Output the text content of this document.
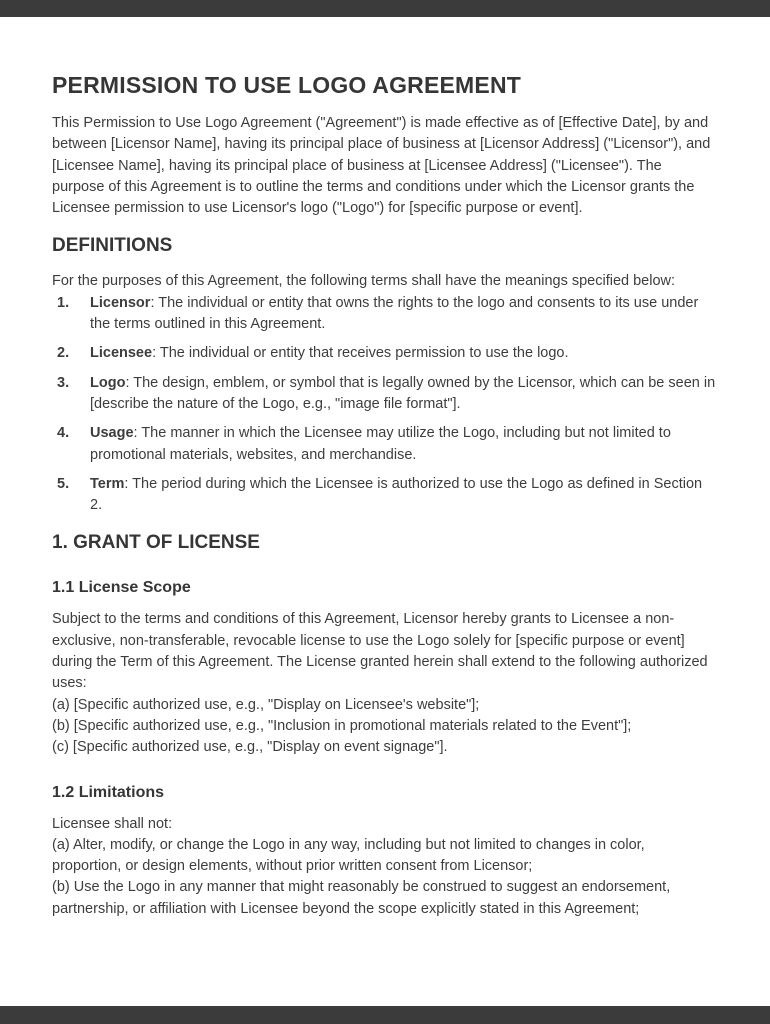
PERMISSION TO USE LOGO AGREEMENT

This Permission to Use Logo Agreement ("Agreement") is made effective as of [Effective Date], by and between [Licensor Name], having its principal place of business at [Licensor Address] ("Licensor"), and [Licensee Name], having its principal place of business at [Licensee Address] ("Licensee"). The purpose of this Agreement is to outline the terms and conditions under which the Licensor grants the Licensee permission to use Licensor's logo ("Logo") for [specific purpose or event].

DEFINITIONS

For the purposes of this Agreement, the following terms shall have the meanings specified below:

1. Licensor: The individual or entity that owns the rights to the logo and consents to its use under the terms outlined in this Agreement.
2. Licensee: The individual or entity that receives permission to use the logo.
3. Logo: The design, emblem, or symbol that is legally owned by the Licensor, which can be seen in [describe the nature of the Logo, e.g., "image file format"].
4. Usage: The manner in which the Licensee may utilize the Logo, including but not limited to promotional materials, websites, and merchandise.
5. Term: The period during which the Licensee is authorized to use the Logo as defined in Section 2.
1. GRANT OF LICENSE
1.1 License Scope

Subject to the terms and conditions of this Agreement, Licensor hereby grants to Licensee a non-exclusive, non-transferable, revocable license to use the Logo solely for [specific purpose or event] during the Term of this Agreement. The License granted herein shall extend to the following authorized uses:

(a) [Specific authorized use, e.g., "Display on Licensee's website"];

(b) [Specific authorized use, e.g., "Inclusion in promotional materials related to the Event"];

(c) [Specific authorized use, e.g., "Display on event signage"].

1.2 Limitations

Licensee shall not:

(a) Alter, modify, or change the Logo in any way, including but not limited to changes in color, proportion, or design elements, without prior written consent from Licensor;

(b) Use the Logo in any manner that might reasonably be construed to suggest an endorsement, partnership, or affiliation with Licensee beyond the scope explicitly stated in this Agreement;
